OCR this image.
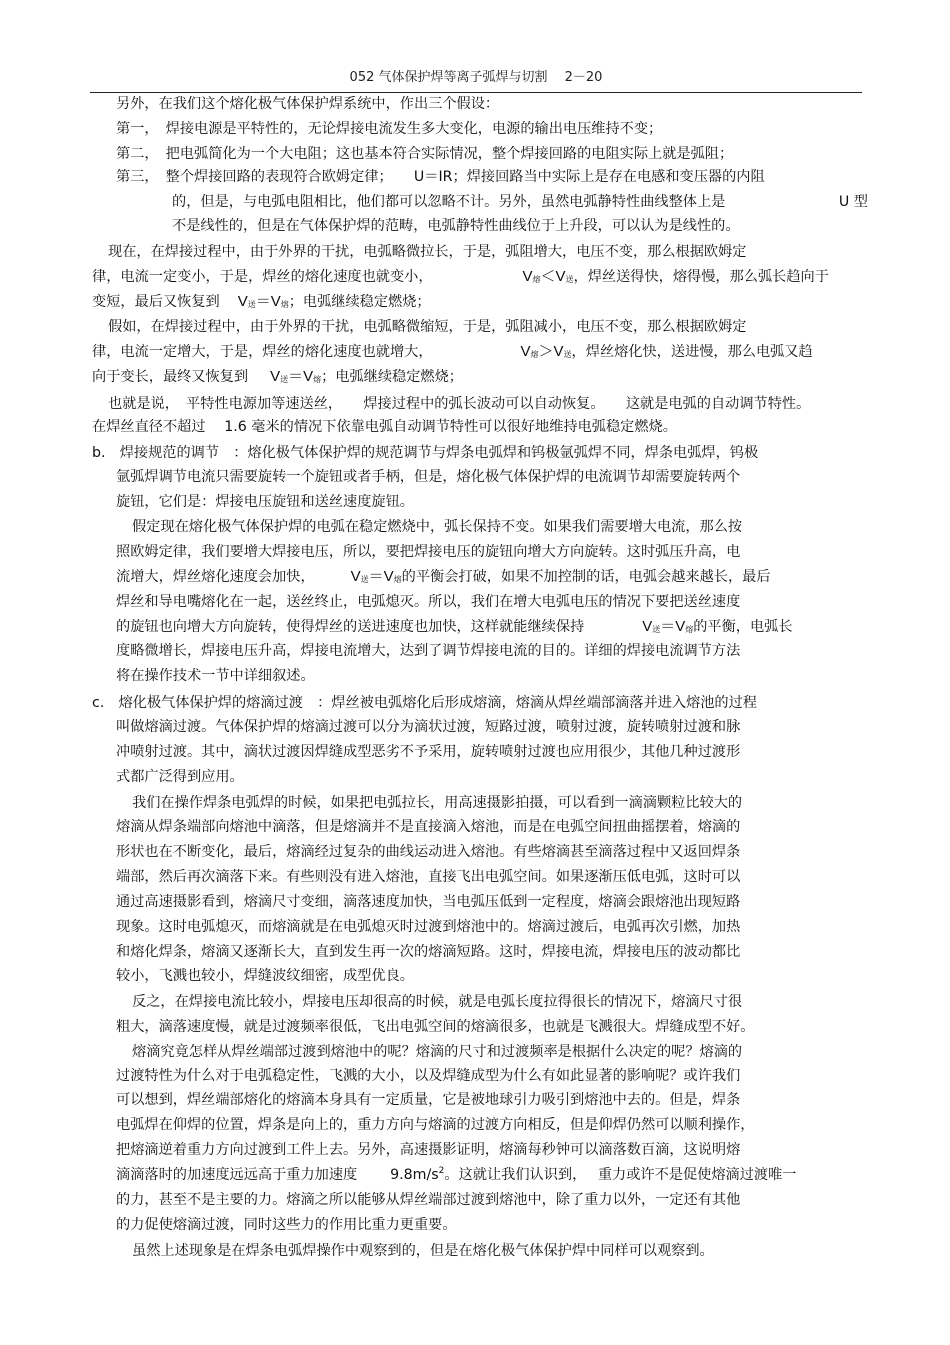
052 气体保护焊等离子弧焊与切割　 2－20
另外，在我们这个熔化极气体保护焊系统中，作出三个假设：
第一，　焊接电源是平特性的，无论焊接电流发生多大变化，电源的输出电压维持不变；
第二，　把电弧简化为一个大电阻；这也基本符合实际情况，整个焊接回路的电阻实际上就是弧阻；
第三，　整个焊接回路的表现符合欧姆定律；　　U＝IR；焊接回路当中实际上是存在电感和变压器的内阻
的，但是，与电弧电阻相比，他们都可以忽略不计。另外，虽然电弧静特性曲线整体上是　　　　　　　　U 型
不是线性的，但是在气体保护焊的范畴，电弧静特性曲线位于上升段，可以认为是线性的。
现在，在焊接过程中，由于外界的干扰，电弧略微拉长，于是，弧阻增大，电压不变，那么根据欧姆定
律，电流一定变小，于是，焊丝的熔化速度也就变小，	$V_熔<V_送$，焊丝送得快，熔得慢，那么弧长趋向于
变短，最后又恢复到 $V_送=V_熔$；电弧继续稳定燃烧；
假如，在焊接过程中，由于外界的干扰，电弧略微缩短，于是，弧阻减小，电压不变，那么根据欧姆定
律，电流一定增大，于是，焊丝的熔化速度也就增大，	$V_熔>V_送$，焊丝熔化快，送进慢，那么电弧又趋
向于变长，最终又恢复到 $V_送=V_熔$；电弧继续稳定燃烧；
也就是说，　平特性电源加等速送丝，　　焊接过程中的弧长波动可以自动恢复。　　这就是电弧的自动调节特性。
在焊丝直径不超过　 1.6 毫米的情况下依靠电弧自动调节特性可以很好地维持电弧稳定燃烧。
b.　焊接规范的调节　：熔化极气体保护焊的规范调节与焊条电弧焊和钨极氩弧焊不同，焊条电弧焊，钨极
氩弧焊调节电流只需要旋转一个旋钮或者手柄，但是，熔化极气体保护焊的电流调节却需要旋转两个
旋钮，它们是：焊接电压旋钮和送丝速度旋钮。
假定现在熔化极气体保护焊的电弧在稳定燃烧中，弧长保持不变。如果我们需要增大电流，那么按
照欧姆定律，我们要增大焊接电压，所以，要把焊接电压的旋钮向增大方向旋转。这时弧压升高，电
流增大，焊丝熔化速度会加快， $V_送=V_熔$的平衡会打破，如果不加控制的话，电弧会越来越长，最后
焊丝和导电嘴熔化在一起，送丝终止，电弧熄灭。所以，我们在增大电弧电压的情况下要把送丝速度
的旋钮也向增大方向旋转，使得焊丝的送进速度也加快，这样就能继续保持	$V_送=V_熔$的平衡，电弧长
度略微增长，焊接电压升高，焊接电流增大，达到了调节焊接电流的目的。详细的焊接电流调节方法
将在操作技术一节中详细叙述。
c.　熔化极气体保护焊的熔滴过渡　：焊丝被电弧熔化后形成熔滴，熔滴从焊丝端部滴落并进入熔池的过程
叫做熔滴过渡。气体保护焊的熔滴过渡可以分为滴状过渡，短路过渡，喷射过渡，旋转喷射过渡和脉
冲喷射过渡。其中，滴状过渡因焊缝成型恶劣不予采用，旋转喷射过渡也应用很少，其他几种过渡形
式都广泛得到应用。
我们在操作焊条电弧焊的时候，如果把电弧拉长，用高速摄影拍摄，可以看到一滴滴颗粒比较大的
熔滴从焊条端部向熔池中滴落，但是熔滴并不是直接滴入熔池，而是在电弧空间扭曲摇摆着，熔滴的
形状也在不断变化，最后，熔滴经过复杂的曲线运动进入熔池。有些熔滴甚至滴落过程中又返回焊条
端部，然后再次滴落下来。有些则没有进入熔池，直接飞出电弧空间。如果逐渐压低电弧，这时可以
通过高速摄影看到，熔滴尺寸变细，滴落速度加快，当电弧压低到一定程度，熔滴会跟熔池出现短路
现象。这时电弧熄灭，而熔滴就是在电弧熄灭时过渡到熔池中的。熔滴过渡后，电弧再次引燃，加热
和熔化焊条，熔滴又逐渐长大，直到发生再一次的熔滴短路。这时，焊接电流，焊接电压的波动都比
较小，飞溅也较小，焊缝波纹细密，成型优良。
反之，在焊接电流比较小，焊接电压却很高的时候，就是电弧长度拉得很长的情况下，熔滴尺寸很
粗大，滴落速度慢，就是过渡频率很低，飞出电弧空间的熔滴很多，也就是飞溅很大。焊缝成型不好。
熔滴究竟怎样从焊丝端部过渡到熔池中的呢？熔滴的尺寸和过渡频率是根据什么决定的呢？熔滴的
过渡特性为什么对于电弧稳定性，飞溅的大小，以及焊缝成型为什么有如此显著的影响呢？或许我们
可以想到，焊丝端部熔化的熔滴本身具有一定质量，它是被地球引力吸引到熔池中去的。但是，焊条
电弧焊在仰焊的位置，焊条是向上的，重力方向与熔滴的过渡方向相反，但是仰焊仍然可以顺利操作，
把熔滴逆着重力方向过渡到工件上去。另外，高速摄影证明，熔滴每秒钟可以滴落数百滴，这说明熔
滴滴落时的加速度远远高于重力加速度　　 $9.8m/s^2$。这就让我们认识到，　 重力或许不是促使熔滴过渡唯一
的力，甚至不是主要的力。熔滴之所以能够从焊丝端部过渡到熔池中，除了重力以外，一定还有其他
的力促使熔滴过渡，同时这些力的作用比重力更重要。
虽然上述现象是在焊条电弧焊操作中观察到的，但是在熔化极气体保护焊中同样可以观察到。
